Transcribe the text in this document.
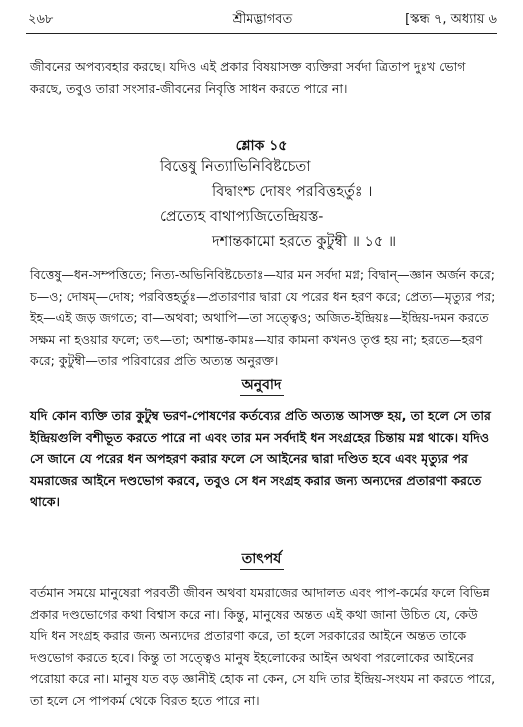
২৬৮	শ্রীমদ্ভাগবত	[স্কন্ধ ৭, অধ্যায় ৬
জীবনের অপব্যবহার করছে। যদিও এই প্রকার বিষয়াসক্ত ব্যক্তিরা সর্বদা ত্রিতাপ দুঃখ ভোগ করছে, তবুও তারা সংসার-জীবনের নিবৃত্তি সাধন করতে পারে না।
শ্লোক ১৫
বিত্তেষু নিত্যাভিনিবিষ্টচেতা
বিদ্বাংশ্চ দোষং পরবিত্তহর্তুঃ ।
প্রেত্যেহ বাথাপ্যজিতেন্দ্রিয়স্ত-
দশান্তকামো হরতে কুটুম্বী ॥ ১৫ ॥
বিত্তেষু—ধন-সম্পত্তিতে; নিত্য-অভিনিবিষ্টচেতাঃ—যার মন সর্বদা মগ্ন; বিদ্বান্—জ্ঞান অর্জন করে; চ—ও; দোষম্—দোষ; পরবিত্তহর্তুঃ—প্রতারণার দ্বারা যে পরের ধন হরণ করে; প্রেত্য—মৃত্যুর পর; ইহ—এই জড় জগতে; বা—অথবা; অথাপি—তা সত্ত্বেও; অজিত-ইন্দ্রিয়ঃ—ইন্দ্রিয়-দমন করতে সক্ষম না হওয়ার ফলে; তৎ—তা; অশান্ত-কামঃ—যার কামনা কখনও তৃপ্ত হয় না; হরতে—হরণ করে; কুটুম্বী—তার পরিবারের প্রতি অত্যন্ত অনুরক্ত।
অনুবাদ
যদি কোন ব্যক্তি তার কুটুম্ব ভরণ-পোষণের কর্তব্যের প্রতি অত্যন্ত আসক্ত হয়, তা হলে সে তার ইন্দ্রিয়গুলি বশীভূত করতে পারে না এবং তার মন সর্বদাই ধন সংগ্রহের চিন্তায় মগ্ন থাকে। যদিও সে জানে যে পরের ধন অপহরণ করার ফলে সে আইনের দ্বারা দণ্ডিত হবে এবং মৃত্যুর পর যমরাজের আইনে দণ্ডভোগ করবে, তবুও সে ধন সংগ্রহ করার জন্য অন্যদের প্রতারণা করতে থাকে।
তাৎপর্য
বর্তমান সময়ে মানুষেরা পরবর্তী জীবন অথবা যমরাজের আদালত এবং পাপ-কর্মের ফলে বিভিন্ন প্রকার দণ্ডভোগের কথা বিশ্বাস করে না। কিন্তু, মানুষের অন্তত এই কথা জানা উচিত যে, কেউ যদি ধন সংগ্রহ করার জন্য অন্যদের প্রতারণা করে, তা হলে সরকারের আইনে অন্তত তাকে দণ্ডভোগ করতে হবে। কিন্তু তা সত্ত্বেও মানুষ ইহলোকের আইন অথবা পরলোকের আইনের পরোয়া করে না। মানুষ যত বড় জ্ঞানীই হোক না কেন, সে যদি তার ইন্দ্রিয়-সংযম না করতে পারে, তা হলে সে পাপকর্ম থেকে বিরত হতে পারে না।
